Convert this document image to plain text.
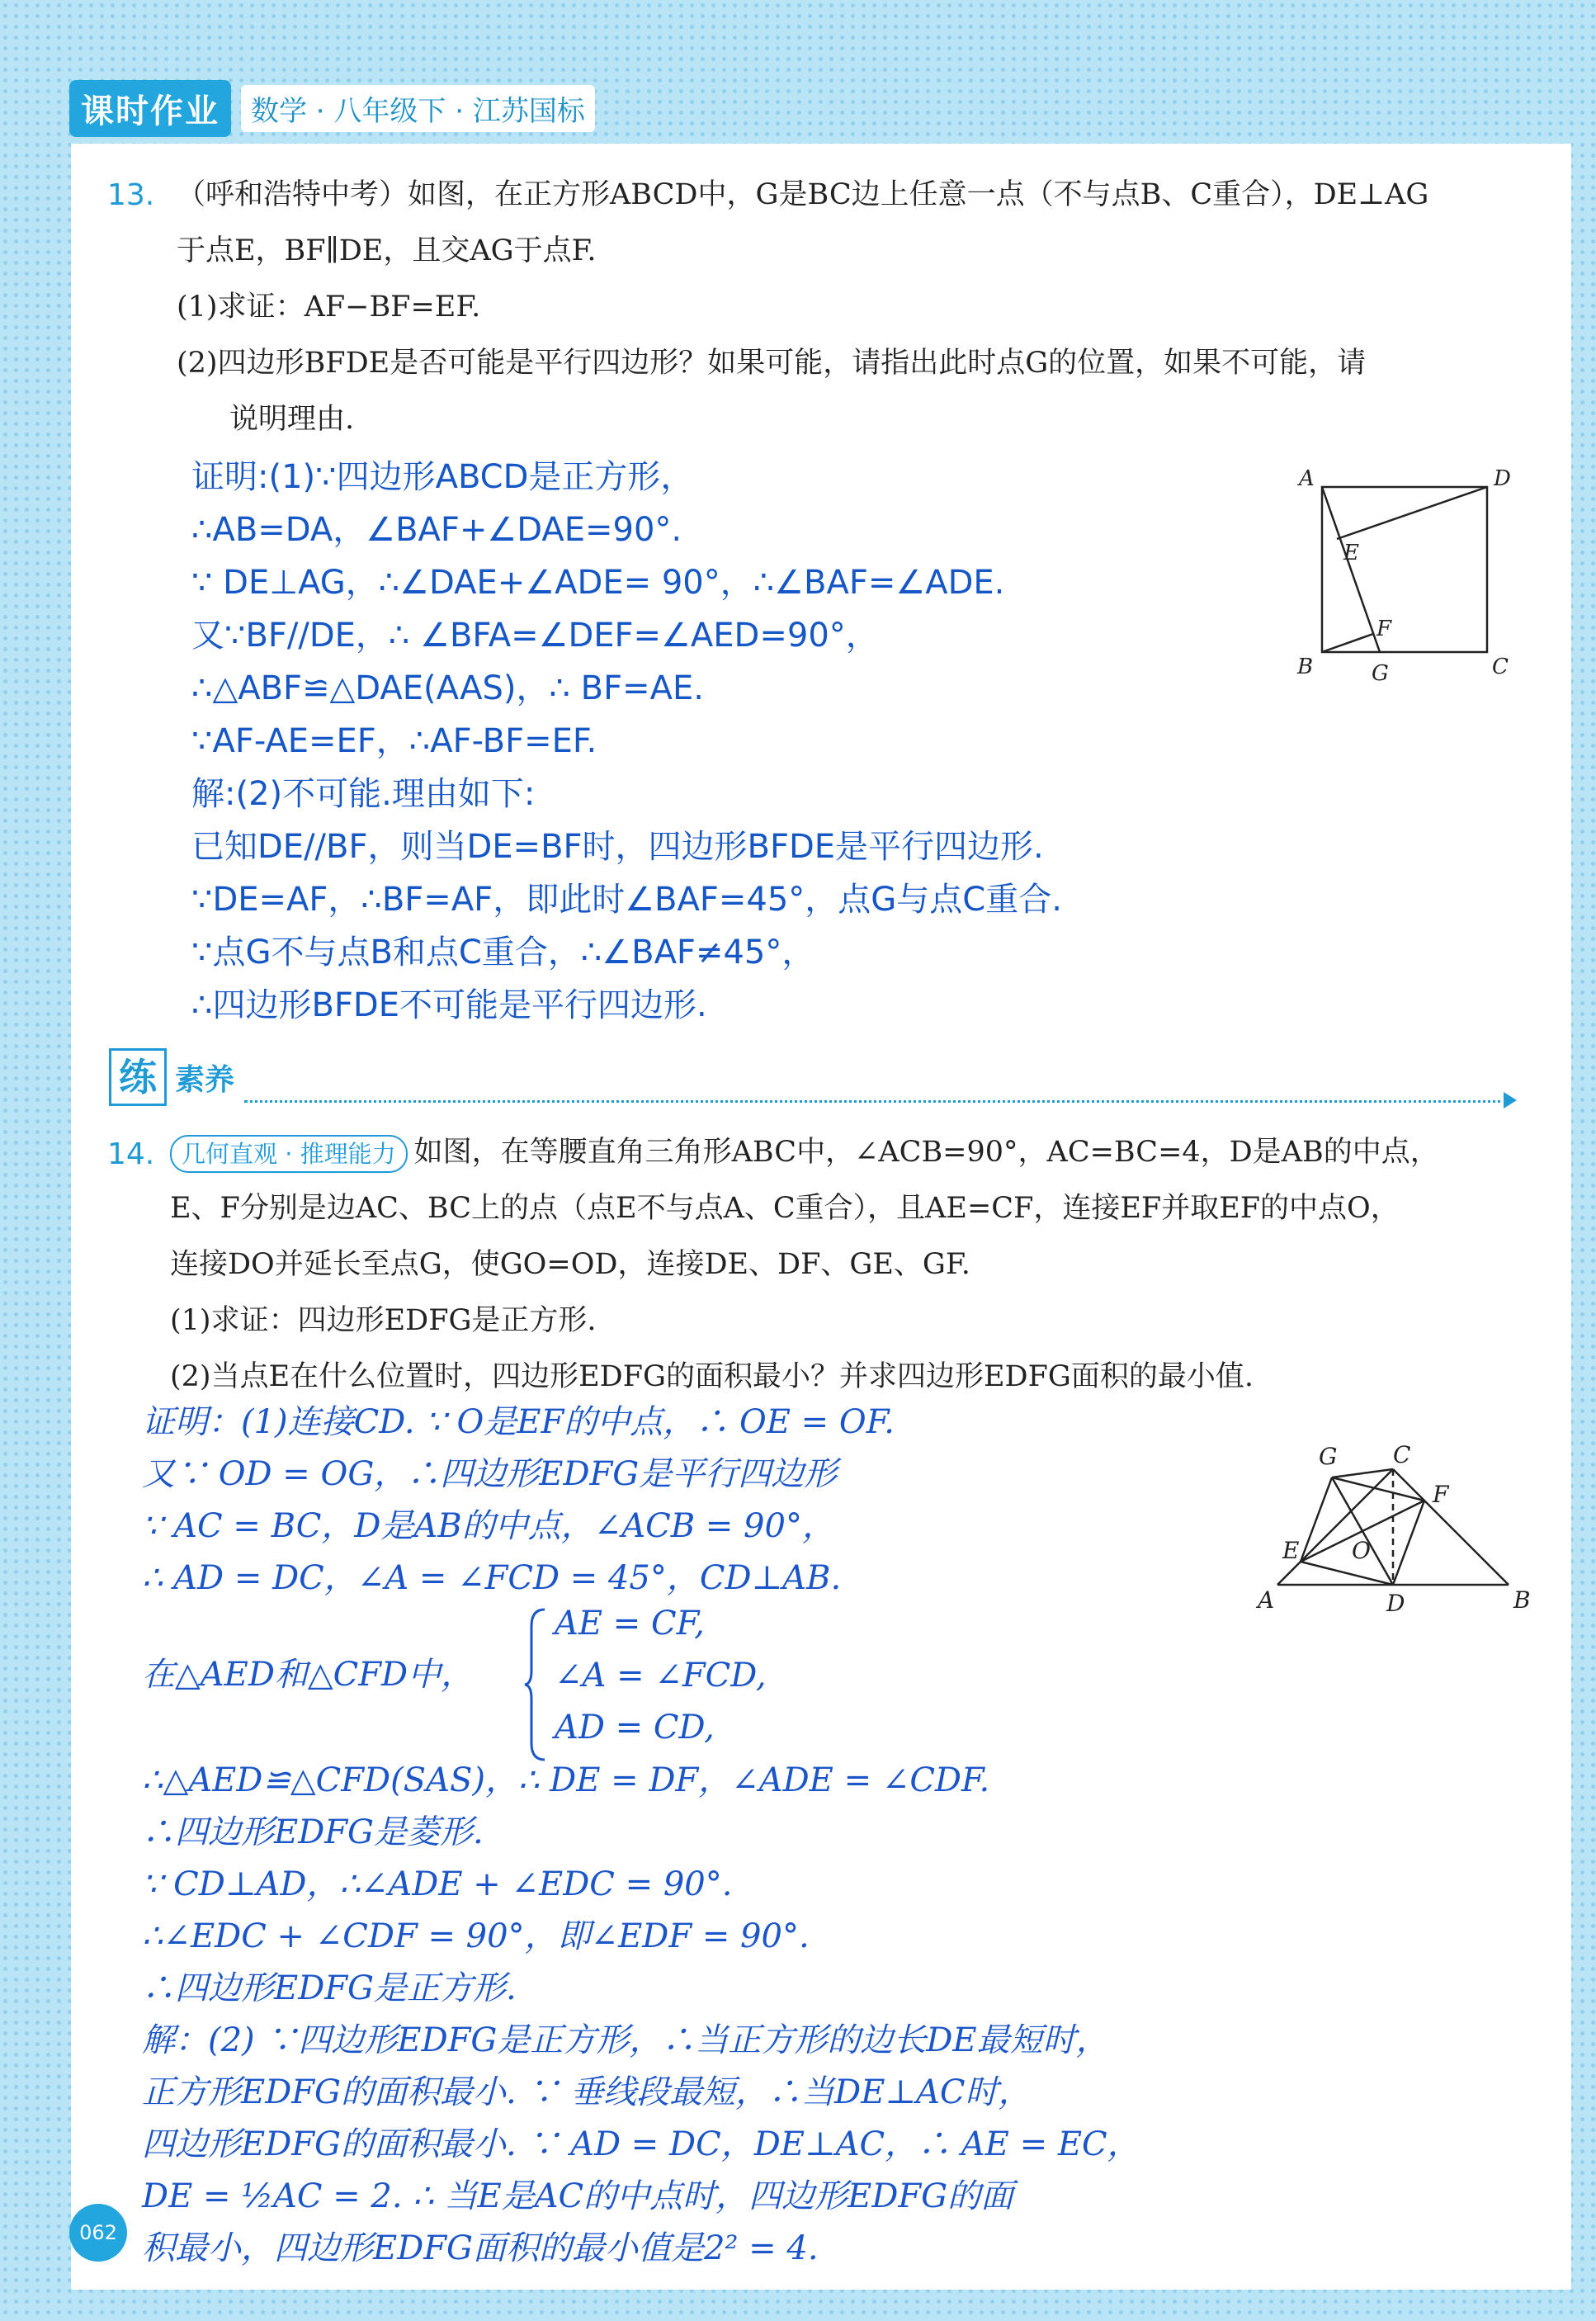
课时作业	数学 · 八年级下 · 江苏国标
13. （呼和浩特中考）如图，在正方形ABCD中，G是BC边上任意一点（不与点B、C重合），DE⊥AG

于点E，BF∥DE，且交AG于点F.

(1)求证：AF−BF=EF.

(2)四边形BFDE是否可能是平行四边形？如果可能，请指出此时点G的位置，如果不可能，请

说明理由.

证明:(1)∵四边形ABCD是正方形，

∴AB=DA，∠BAF+∠DAE=90°.

∵ DE⊥AG，∴∠DAE+∠ADE= 90°，∴∠BAF=∠ADE.

又∵BF//DE，∴ ∠BFA=∠DEF=∠AED=90°，

∴△ABF≌△DAE(AAS)，∴ BF=AE.

∵AF-AE=EF，∴AF-BF=EF.

解:(2)不可能.理由如下:

已知DE//BF，则当DE=BF时，四边形BFDE是平行四边形.

∵DE=AF，∴BF=AF，即此时∠BAF=45°，点G与点C重合.

∵点G不与点B和点C重合，∴∠BAF≠45°，

∴四边形BFDE不可能是平行四边形.

A	D
E
F
B	G	C
练 素养
14.	几何直观 · 推理能力 如图，在等腰直角三角形ABC中，∠ACB=90°，AC=BC=4，D是AB的中点，

E、F分别是边AC、BC上的点（点E不与点A、C重合），且AE=CF，连接EF并取EF的中点O，

连接DO并延长至点G，使GO=OD，连接DE、DF、GE、GF.

(1)求证：四边形EDFG是正方形.

(2)当点E在什么位置时，四边形EDFG的面积最小？并求四边形EDFG面积的最小值.

证明：(1)连接CD. ∵ O是EF的中点，∴ OE = OF.

又∵ OD = OG，∴四边形EDFG是平行四边形

∵ AC = BC，D是AB的中点，∠ACB = 90°，

∴ AD = DC，∠A = ∠FCD = 45°，CD⊥AB.

在△AED和△CFD中，

AE = CF,

∠A = ∠FCD,

AD = CD,

∴△AED≌△CFD(SAS)，∴ DE = DF，∠ADE = ∠CDF.

∴四边形EDFG是菱形.

∵ CD⊥AD，∴∠ADE + ∠EDC = 90°.

∴∠EDC + ∠CDF = 90°，即∠EDF = 90°.

∴四边形EDFG是正方形.

解：(2) ∵四边形EDFG是正方形，∴当正方形的边长DE最短时，

正方形EDFG的面积最小. ∵ 垂线段最短，∴当DE⊥AC时，

四边形EDFG的面积最小. ∵ AD = DC，DE⊥AC，∴ AE = EC，

DE = ½AC = 2. ∴ 当E是AC的中点时，四边形EDFG的面

积最小，四边形EDFG面积的最小值是2² = 4.

G C
F
E O
A	D	B
062
